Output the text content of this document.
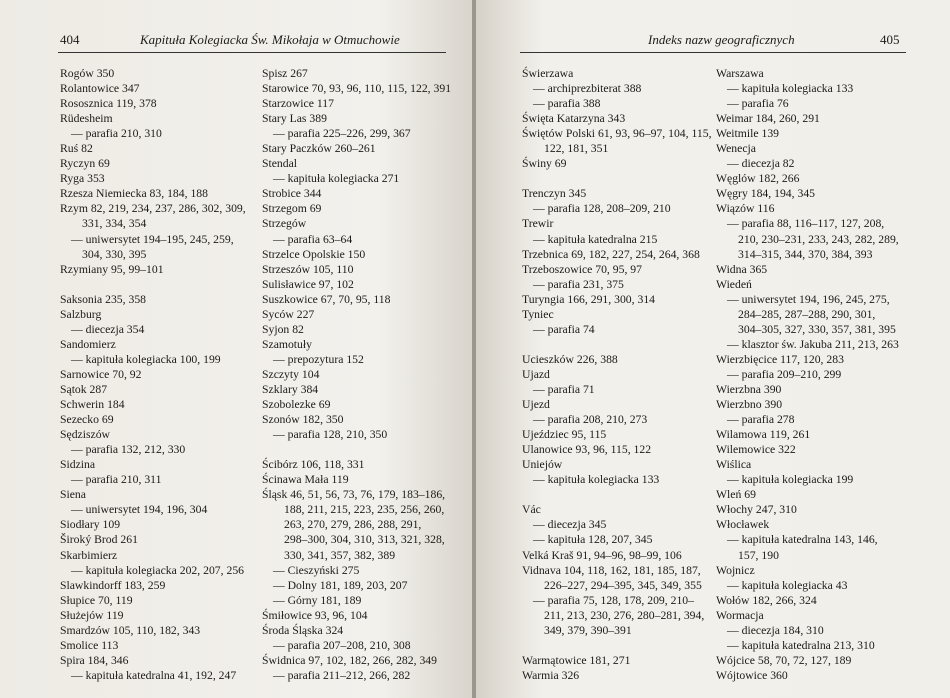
404	Kapituła Kolegiacka Św. Mikołaja w Otmuchowie
Rogów 350
Rolantowice 347
Rososznica 119, 378
Rüdesheim
— parafia 210, 310
Ruś 82
Ryczyn 69
Ryga 353
Rzesza Niemiecka 83, 184, 188
Rzym 82, 219, 234, 237, 286, 302, 309,
331, 334, 354
— uniwersytet 194–195, 245, 259,
304, 330, 395
Rzymiany 95, 99–101
Saksonia 235, 358
Salzburg
— diecezja 354
Sandomierz
— kapituła kolegiacka 100, 199
Sarnowice 70, 92
Sątok 287
Schwerin 184
Sezecko 69
Sędziszów
— parafia 132, 212, 330
Sidzina
— parafia 210, 311
Siena
— uniwersytet 194, 196, 304
Siodłary 109
Široký Brod 261
Skarbimierz
— kapituła kolegiacka 202, 207, 256
Slawkindorff 183, 259
Słupice 70, 119
Służejów 119
Smardzów 105, 110, 182, 343
Smolice 113
Spira 184, 346
— kapituła katedralna 41, 192, 247
Spisz 267
Starowice 70, 93, 96, 110, 115, 122, 391
Starzowice 117
Stary Las 389
— parafia 225–226, 299, 367
Stary Paczków 260–261
Stendal
— kapituła kolegiacka 271
Strobice 344
Strzegom 69
Strzegów
— parafia 63–64
Strzelce Opolskie 150
Strzeszów 105, 110
Sulisławice 97, 102
Suszkowice 67, 70, 95, 118
Syców 227
Syjon 82
Szamotuły
— prepozytura 152
Szczyty 104
Szklary 384
Szobolezke 69
Szonów 182, 350
— parafia 128, 210, 350
Ścibórz 106, 118, 331
Ścinawa Mała 119
Śląsk 46, 51, 56, 73, 76, 179, 183–186,
188, 211, 215, 223, 235, 256, 260,
263, 270, 279, 286, 288, 291,
298–300, 304, 310, 313, 321, 328,
330, 341, 357, 382, 389
— Cieszyński 275
— Dolny 181, 189, 203, 207
— Górny 181, 189
Śmiłowice 93, 96, 104
Środa Śląska 324
— parafia 207–208, 210, 308
Świdnica 97, 102, 182, 266, 282, 349
— parafia 211–212, 266, 282
Indeks nazw geograficznych	405
Świerzawa
— archiprezbiterat 388
— parafia 388
Święta Katarzyna 343
Świętów Polski 61, 93, 96–97, 104, 115,
122, 181, 351
Świny 69
Trenczyn 345
— parafia 128, 208–209, 210
Trewir
— kapituła katedralna 215
Trzebnica 69, 182, 227, 254, 264, 368
Trzeboszowice 70, 95, 97
— parafia 231, 375
Turyngia 166, 291, 300, 314
Tyniec
— parafia 74
Ucieszków 226, 388
Ujazd
— parafia 71
Ujezd
— parafia 208, 210, 273
Ujeździec 95, 115
Ulanowice 93, 96, 115, 122
Uniejów
— kapituła kolegiacka 133
Vác
— diecezja 345
— kapituła 128, 207, 345
Velká Kraš 91, 94–96, 98–99, 106
Vidnava 104, 118, 162, 181, 185, 187,
226–227, 294–395, 345, 349, 355
— parafia 75, 128, 178, 209, 210–
211, 213, 230, 276, 280–281, 394,
349, 379, 390–391
Warmątowice 181, 271
Warmia 326
Warszawa
— kapituła kolegiacka 133
— parafia 76
Weimar 184, 260, 291
Weitmile 139
Wenecja
— diecezja 82
Węglów 182, 266
Węgry 184, 194, 345
Wiązów 116
— parafia 88, 116–117, 127, 208,
210, 230–231, 233, 243, 282, 289,
314–315, 344, 370, 384, 393
Widna 365
Wiedeń
— uniwersytet 194, 196, 245, 275,
284–285, 287–288, 290, 301,
304–305, 327, 330, 357, 381, 395
— klasztor św. Jakuba 211, 213, 263
Wierzbięcice 117, 120, 283
— parafia 209–210, 299
Wierzbna 390
Wierzbno 390
— parafia 278
Wilamowa 119, 261
Wilemowice 322
Wiślica
— kapituła kolegiacka 199
Wleń 69
Włochy 247, 310
Włocławek
— kapituła katedralna 143, 146,
157, 190
Wojnicz
— kapituła kolegiacka 43
Wołów 182, 266, 324
Wormacja
— diecezja 184, 310
— kapituła katedralna 213, 310
Wójcice 58, 70, 72, 127, 189
Wójtowice 360
